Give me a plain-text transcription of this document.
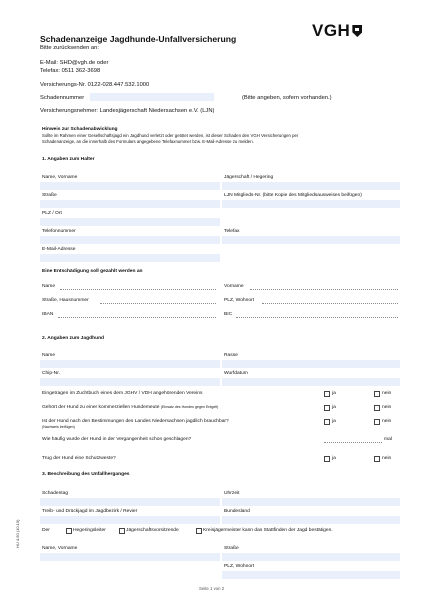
VGH
Schadenanzeige Jagdhunde-Unfallversicherung
Bitte zurücksenden an:
E-Mail: SHD@vgh.de oder
Telefax: 0511 362-3698
Versicherungs-Nr. 0122-028.447.532.1000
Schadennummer	(Bitte angeben, sofern vorhanden.)
Versicherungsnehmer: Landesjägerschaft Niedersachsen e.V. (LJN)
Hinweis zur Schadenabwicklung
Sollte im Rahmen einer Gesellschaftsjagd ein Jagdhund verletzt oder getötet werden, ist dieser Schaden den VGH Versicherungen per
Schadenanzeige, an die innerhalb des Formulars angegebene Telefaxnummer bzw. E-Mail-Adresse zu melden.
1. Angaben zum Halter
Name, Vorname	Jägerschaft / Hegering
Straße	LJN Mitglieds-Nr. (bitte Kopie des Mitgliedsausweises beifügen)
PLZ / Ort
Telefonnummer	Telefax
E-Mail-Adresse
Eine Entschädigung soll gezahlt werden an
Name	Vorname
Straße, Hausnummer	PLZ, Wohnort
IBAN	BIC
2. Angaben zum Jagdhund
Name	Rasse
Chip-Nr.	Wurfdatum
Eingetragen im Zuchtbuch eines dem JGHV / VDH angehörenden Vereins	ja	nein
Gehört der Hund zu einer kommerziellen Hundemeute (Einsatz des Hundes gegen Entgelt)	ja	nein
Ist der Hund nach den Bestimmungen des Landes Niedersachsen jagdlich brauchbar?
(Nachweis beifügen)
ja	nein
Wie häufig wurde der Hund in der Vergangenheit schon geschlagen?	mal
Trug der Hund eine Schutzweste?	ja	nein
3. Beschreibung des Unfallherganges
Schadentag	Uhrzeit
Treib- und Drückjagd im Jagdbezirk / Revier	Bundesland
Der	Hegeringsleiter	Jägerschaftsvorsitzende	Kreisjägermeister kann das Stattfinden der Jagd bestätigen.
Name, Vorname	Straße
PLZ, Wohnort
Seite 1 von 2
HU 4.50 (10.19)
